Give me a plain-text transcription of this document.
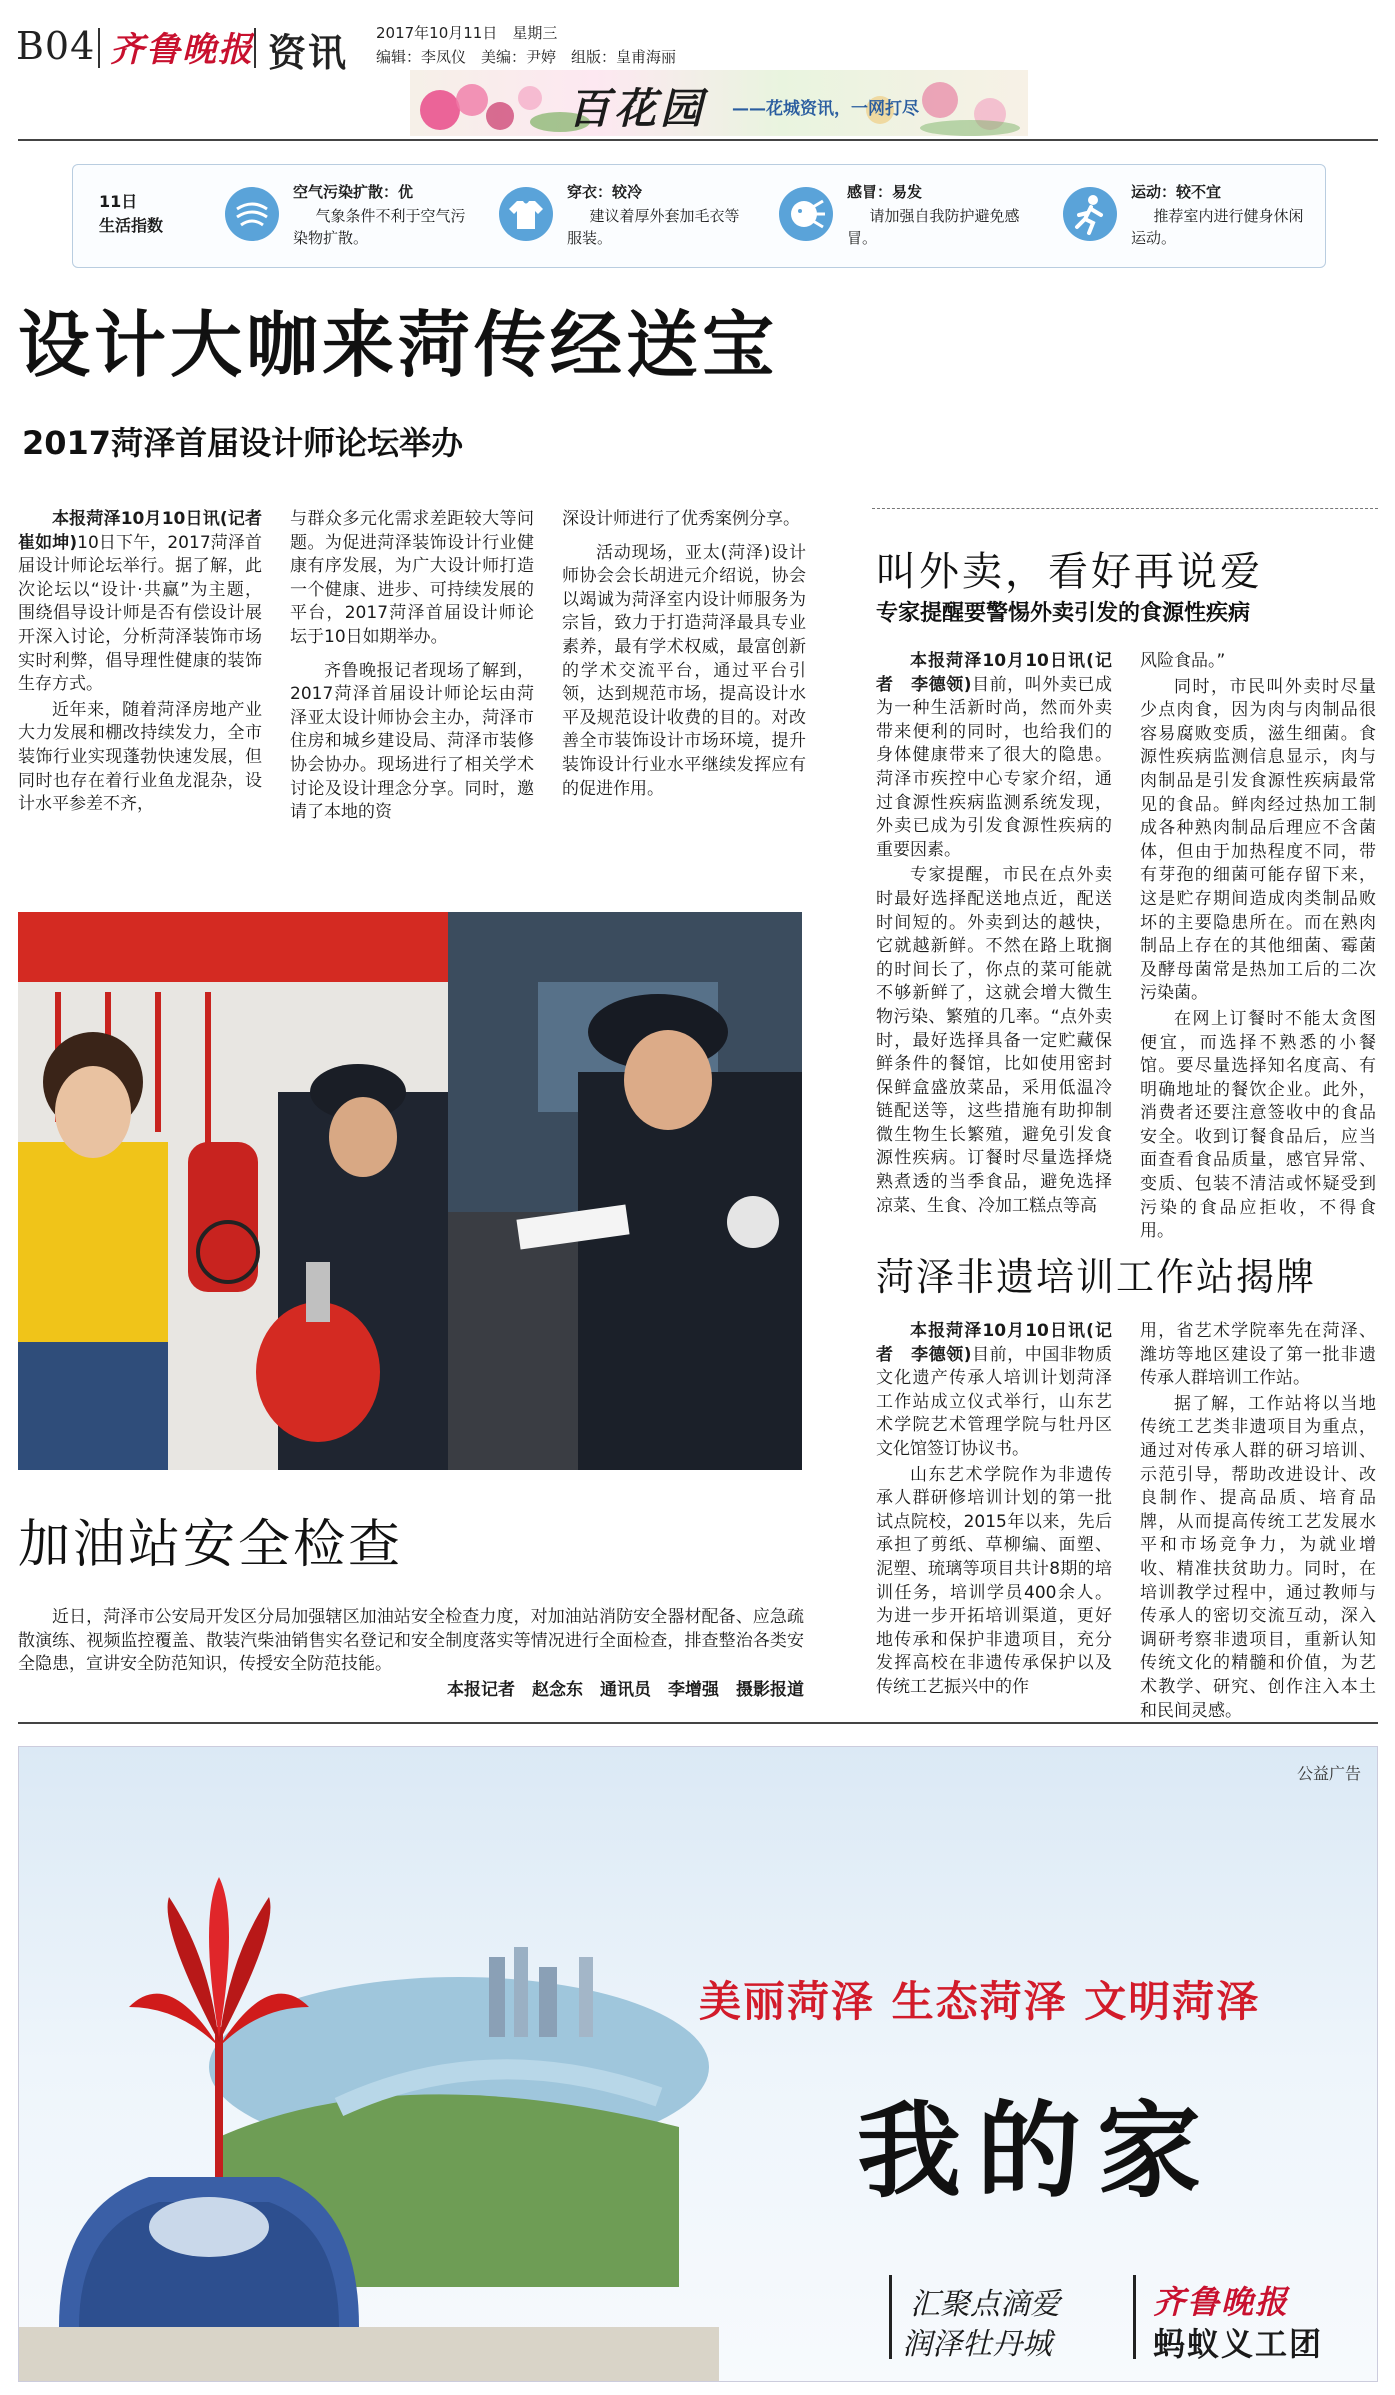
B04 齐鲁晚报 资讯 2017年10月11日　星期三
编辑：李凤仪　美编：尹婷　组版：皇甫海丽
百花园 ——花城资讯，一网打尽
11日
生活指数
空气污染扩散：优
气象条件不利于空气污染物扩散。
穿衣：较冷
建议着厚外套加毛衣等服装。
感冒：易发
请加强自我防护避免感冒。
运动：较不宜
推荐室内进行健身休闲运动。
设计大咖来菏传经送宝
2017菏泽首届设计师论坛举办

本报菏泽10月10日讯(记者　崔如坤)10日下午，2017菏泽首届设计师论坛举行。据了解，此次论坛以“设计·共赢”为主题，围绕倡导设计师是否有偿设计展开深入讨论，分析菏泽装饰市场实时利弊，倡导理性健康的装饰生存方式。

近年来，随着菏泽房地产业大力发展和棚改持续发力，全市装饰行业实现蓬勃快速发展，但同时也存在着行业鱼龙混杂，设计水平参差不齐，

与群众多元化需求差距较大等问题。为促进菏泽装饰设计行业健康有序发展，为广大设计师打造一个健康、进步、可持续发展的平台，2017菏泽首届设计师论坛于10日如期举办。

齐鲁晚报记者现场了解到，2017菏泽首届设计师论坛由菏泽亚太设计师协会主办，菏泽市住房和城乡建设局、菏泽市装修协会协办。现场进行了相关学术讨论及设计理念分享。同时，邀请了本地的资

深设计师进行了优秀案例分享。

活动现场，亚太(菏泽)设计师协会会长胡进元介绍说，协会以竭诚为菏泽室内设计师服务为宗旨，致力于打造菏泽最具专业素养，最有学术权威，最富创新的学术交流平台，通过平台引领，达到规范市场，提高设计水平及规范设计收费的目的。对改善全市装饰设计市场环境，提升装饰设计行业水平继续发挥应有的促进作用。

加油站安全检查

近日，菏泽市公安局开发区分局加强辖区加油站安全检查力度，对加油站消防安全器材配备、应急疏散演练、视频监控覆盖、散装汽柴油销售实名登记和安全制度落实等情况进行全面检查，排查整治各类安全隐患，宣讲安全防范知识，传授安全防范技能。

本报记者　赵念东　通讯员　李增强　摄影报道

叫外卖，看好再说爱
专家提醒要警惕外卖引发的食源性疾病

本报菏泽10月10日讯(记者　李德领)目前，叫外卖已成为一种生活新时尚，然而外卖带来便利的同时，也给我们的身体健康带来了很大的隐患。菏泽市疾控中心专家介绍，通过食源性疾病监测系统发现，外卖已成为引发食源性疾病的重要因素。

专家提醒，市民在点外卖时最好选择配送地点近，配送时间短的。外卖到达的越快，它就越新鲜。不然在路上耽搁的时间长了，你点的菜可能就不够新鲜了，这就会增大微生物污染、繁殖的几率。“点外卖时，最好选择具备一定贮藏保鲜条件的餐馆，比如使用密封保鲜盒盛放菜品，采用低温冷链配送等，这些措施有助抑制微生物生长繁殖，避免引发食源性疾病。订餐时尽量选择烧熟煮透的当季食品，避免选择凉菜、生食、冷加工糕点等高

风险食品。”

同时，市民叫外卖时尽量少点肉食，因为肉与肉制品很容易腐败变质，滋生细菌。食源性疾病监测信息显示，肉与肉制品是引发食源性疾病最常见的食品。鲜肉经过热加工制成各种熟肉制品后理应不含菌体，但由于加热程度不同，带有芽孢的细菌可能存留下来，这是贮存期间造成肉类制品败坏的主要隐患所在。而在熟肉制品上存在的其他细菌、霉菌及酵母菌常是热加工后的二次污染菌。

在网上订餐时不能太贪图便宜，而选择不熟悉的小餐馆。要尽量选择知名度高、有明确地址的餐饮企业。此外，消费者还要注意签收中的食品安全。收到订餐食品后，应当面查看食品质量，感官异常、变质、包装不清洁或怀疑受到污染的食品应拒收，不得食用。

菏泽非遗培训工作站揭牌

本报菏泽10月10日讯(记者　李德领)目前，中国非物质文化遗产传承人培训计划菏泽工作站成立仪式举行，山东艺术学院艺术管理学院与牡丹区文化馆签订协议书。

山东艺术学院作为非遗传承人群研修培训计划的第一批试点院校，2015年以来，先后承担了剪纸、草柳编、面塑、泥塑、琉璃等项目共计8期的培训任务，培训学员400余人。为进一步开拓培训渠道，更好地传承和保护非遗项目，充分发挥高校在非遗传承保护以及传统工艺振兴中的作

用，省艺术学院率先在菏泽、潍坊等地区建设了第一批非遗传承人群培训工作站。

据了解，工作站将以当地传统工艺类非遗项目为重点，通过对传承人群的研习培训、示范引导，帮助改进设计、改良制作、提高品质、培育品牌，从而提高传统工艺发展水平和市场竞争力，为就业增收、精准扶贫助力。同时，在培训教学过程中，通过教师与传承人的密切交流互动，深入调研考察非遗项目，重新认知传统文化的精髓和价值，为艺术教学、研究、创作注入本土和民间灵感。

公益广告
美丽菏泽 生态菏泽 文明菏泽
我的家
汇聚点滴爱
润泽牡丹城
齐鲁晚报
蚂蚁义工团
